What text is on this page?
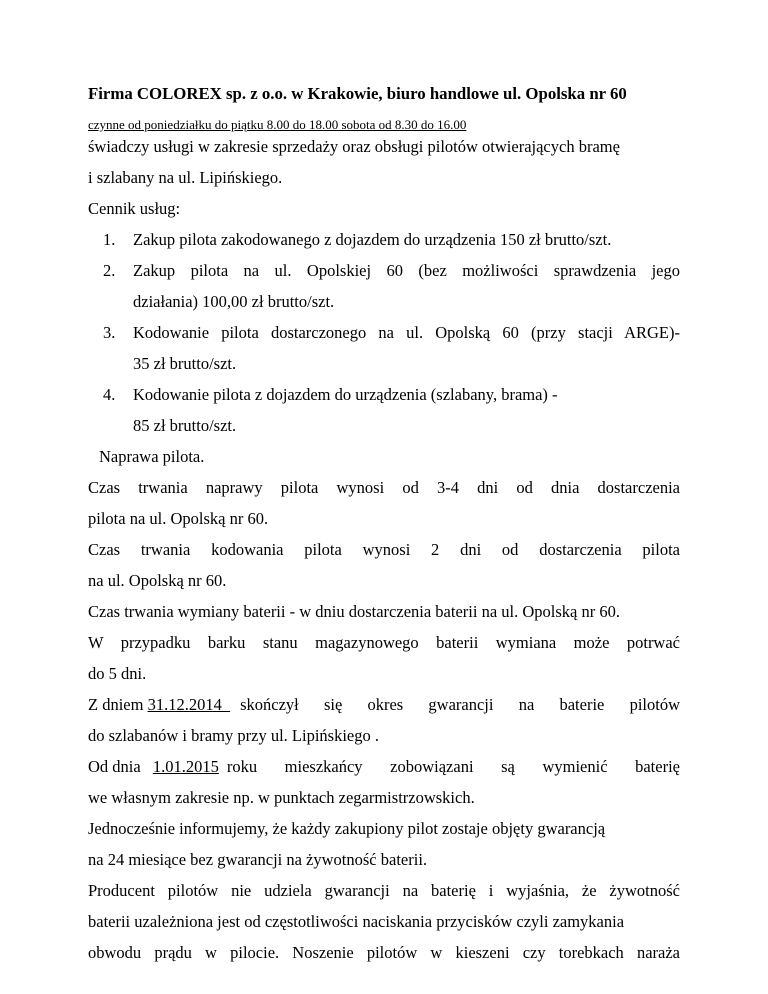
Firma COLOREX sp. z o.o. w Krakowie, biuro handlowe ul. Opolska nr 60
czynne od poniedziałku do piątku 8.00 do 18.00 sobota od 8.30 do 16.00
świadczy usługi w zakresie sprzedaży oraz obsługi pilotów otwierających bramę
i szlabany na ul. Lipińskiego.
Cennik usług:
1. Zakup pilota zakodowanego z dojazdem do urządzenia 150 zł brutto/szt.
2.	Zakup pilota na ul. Opolskiej 60 (bez możliwości sprawdzenia jego
działania) 100,00 zł brutto/szt.
3.	Kodowanie pilota dostarczonego na ul. Opolską 60 (przy stacji ARGE)-
35 zł brutto/szt.
4. Kodowanie pilota z dojazdem do urządzenia (szlabany, brama) -
85 zł brutto/szt.
Naprawa pilota.
Czas trwania naprawy pilota wynosi od 3-4 dni od dnia dostarczenia
pilota na ul. Opolską nr 60.
Czas trwania kodowania pilota wynosi 2 dni od dostarczenia pilota
na ul. Opolską nr 60.
Czas trwania wymiany baterii - w dniu dostarczenia baterii na ul. Opolską nr 60.
W przypadku barku stanu magazynowego baterii wymiana może potrwać
do 5 dni.
Z dniem 31.12.2014 skończył się okres gwarancji na baterie pilotów
do szlabanów i bramy przy ul. Lipińskiego .
Od dnia 1.01.2015 roku mieszkańcy zobowiązani są wymienić baterię
we własnym zakresie np. w punktach zegarmistrzowskich.
Jednocześnie informujemy, że każdy zakupiony pilot zostaje objęty gwarancją
na 24 miesiące bez gwarancji na żywotność baterii.
Producent pilotów nie udziela gwarancji na baterię i wyjaśnia, że żywotność
baterii uzależniona jest od częstotliwości naciskania przycisków czyli zamykania
obwodu prądu w pilocie. Noszenie pilotów w kieszeni czy torebkach naraża
